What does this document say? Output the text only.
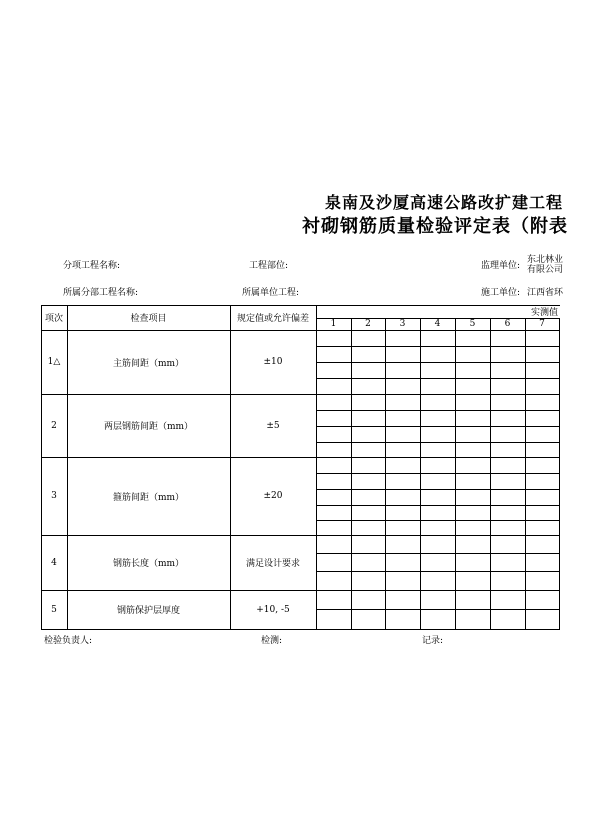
泉南及沙厦高速公路改扩建工程
衬砌钢筋质量检验评定表（附表
分项工程名称:	工程部位:	监理单位:
东北林业
有限公司
所属分部工程名称:	所属单位工程:	施工单位: 江西省环
项次	检查项目	规定值或允许偏差
实测值
1	2	3	4	5	6	7
1△	主筋间距（mm）	±10
2	两层钢筋间距（mm）	±5
3	箍筋间距（mm）	±20
4	钢筋长度（mm）	满足设计要求
5	钢筋保护层厚度	+10, -5
检验负责人:	检测:	记录:
